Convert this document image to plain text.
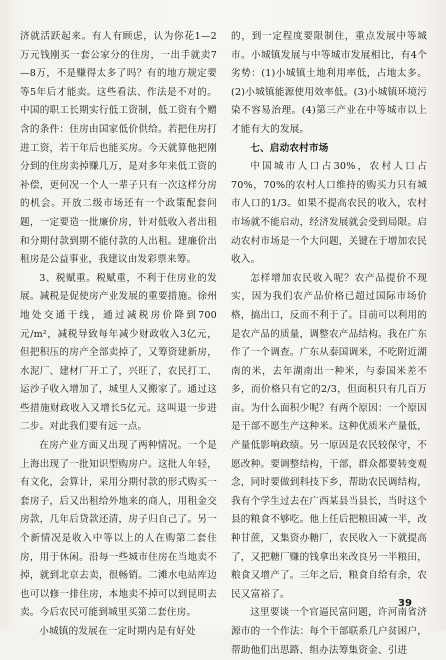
济就活跃起来。有人有顾虑，认为你花1—2万元钱刚买一套公家分的住房，一出手就卖7—8万，不是赚得太多了吗？有的地方规定要等5年后才能卖。这些看法、作法是不对的。中国的职工长期实行低工资制，低工资有个赠含的条件：住房由国家低价供给。若把住房打进工资，若干年后也能买房。今天就算他把刚分到的住房卖掉赚几万，是对多年来低工资的补偿，更何况一个人一辈子只有一次这样分房的机会。开放二级市场还有一个政策配套问题，一定要造一批廉价房，针对低收入者出租和分期付款到期不能付款的人出租。建廉价出租房是公益事业，我建议由发彩票来筹。

3、税赋重。税赋重，不利于住房业的发展。减税是促使房产业发展的重要措施。徐州地处交通干线，通过减税房价降到700元/m²，减税导致每年减少财政收入3亿元，但把积压的房产全部卖掉了，又筹资建新房，水泥厂、建材厂开工了，兴旺了，农民打工、运沙子收入增加了，城里人又搬家了。通过这些措施财政收入又增长5亿元。这叫退一步进二步。对此我们要有远一点。

在房产业方面又出现了两种情况。一个是上海出现了一批知识型购房户。这批人年轻，有文化，会算计，采用分期付款的形式购买一套房子，后又出租给外地来的商人，用租金交房款，几年后贷款还清，房子归自己了。另一个新情况是收入中等以上的人在购第二套住房，用于休闲。沿每一些城市住房在当地卖不掉，就到北京去卖，很畅销。二滩水电站库边也可以修一排住房，本地卖不掉可以到昆明去卖。今后农民可能到城里买第二套住房。

小城镇的发展在一定时期内是有好处

的，到一定程度要限制住，重点发展中等城市。小城镇发展与中等城市发展相比，有4个劣势：(1)小城镇土地利用率低，占地太多。(2)小城镇能源使用效率低。(3)小城镇环境污染不容易治理。(4)第三产业在中等城市以上才能有大的发展。

七、启动农村市场

中国城市人口占30%，农村人口占70%，70%的农村人口维持的购买力只有城市人口的1/3。如果不提高农民的收入，农村市场就不能启动，经济发展就会受到局限。启动农村市场是一个大问题，关键在于增加农民收入。

怎样增加农民收入呢？农产品提价不现实，因为我们农产品价格已超过国际市场价格，搞出口，反而不利于了。目前可以利用的是农产品的质量，调整农产品结构。我在广东作了一个调查。广东从泰国调米，不吃附近湖南的米，去年湖南出一种米，与泰国米差不多，而价格只有它的2/3，但面积只有几百万亩。为什么面积少呢？有两个原因：一个原因是干部不愿生产这种米。这种优质米产量低，产量低影响政绩。另一原因是农民较保守，不愿改种。要调整结构，干部，群众都要转变观念，同时要做到科技下乡，帮助农民调结构，我有个学生过去在广西某县当县长，当时这个县的粮食不够吃。他上任后把粮田减一半，改种甘蔗，又集资办糖厂，农民收入一下就提高了，又把糖厂赚的钱拿出来改良另一半粮田，粮食又增产了。三年之后，粮食自给有余，农民又富裕了。

这里要谈一个官逼民富问题，许河南省济源市的一个作法：每个干部联系几户贫困户，帮助他们出思路、组办法筹集资金、引进

39
